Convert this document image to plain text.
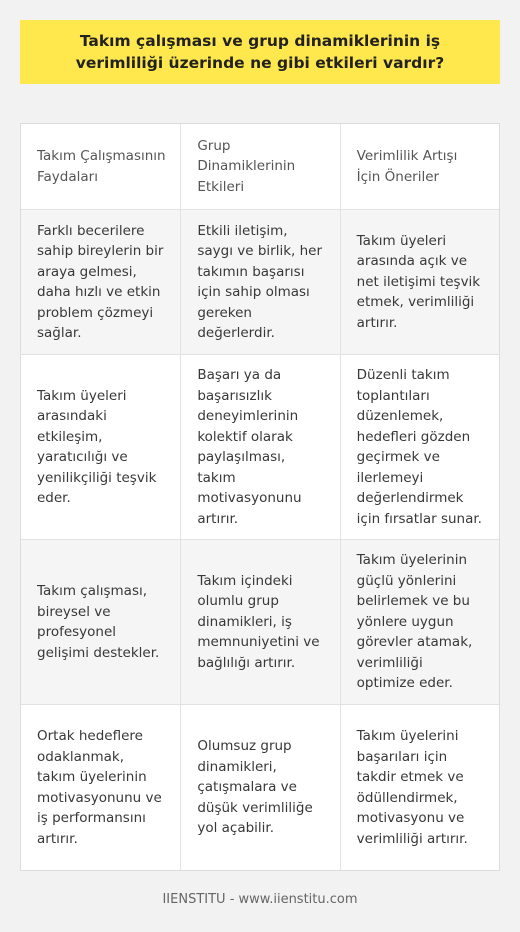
Takım çalışması ve grup dinamiklerinin iş verimliliği üzerinde ne gibi etkileri vardır?
Takım Çalışmasının Faydaları
Grup Dinamiklerinin Etkileri
Verimlilik Artışı İçin Öneriler
Farklı becerilere sahip bireylerin bir araya gelmesi, daha hızlı ve etkin problem çözmeyi sağlar.
Etkili iletişim, saygı ve birlik, her takımın başarısı için sahip olması gereken değerlerdir.
Takım üyeleri arasında açık ve net iletişimi teşvik etmek, verimliliği artırır.
Takım üyeleri arasındaki etkileşim, yaratıcılığı ve yenilikçiliği teşvik eder.
Başarı ya da başarısızlık deneyimlerinin kolektif olarak paylaşılması, takım motivasyonunu artırır.
Düzenli takım toplantıları düzenlemek, hedefleri gözden geçirmek ve ilerlemeyi değerlendirmek için fırsatlar sunar.
Takım çalışması, bireysel ve profesyonel gelişimi destekler.
Takım içindeki olumlu grup dinamikleri, iş memnuniyetini ve bağlılığı artırır.
Takım üyelerinin güçlü yönlerini belirlemek ve bu yönlere uygun görevler atamak, verimliliği optimize eder.
Ortak hedeflere odaklanmak, takım üyelerinin motivasyonunu ve iş performansını artırır.
Olumsuz grup dinamikleri, çatışmalara ve düşük verimliliğe yol açabilir.
Takım üyelerini başarıları için takdir etmek ve ödüllendirmek, motivasyonu ve verimliliği artırır.
IIENSTITU - www.iienstitu.com
